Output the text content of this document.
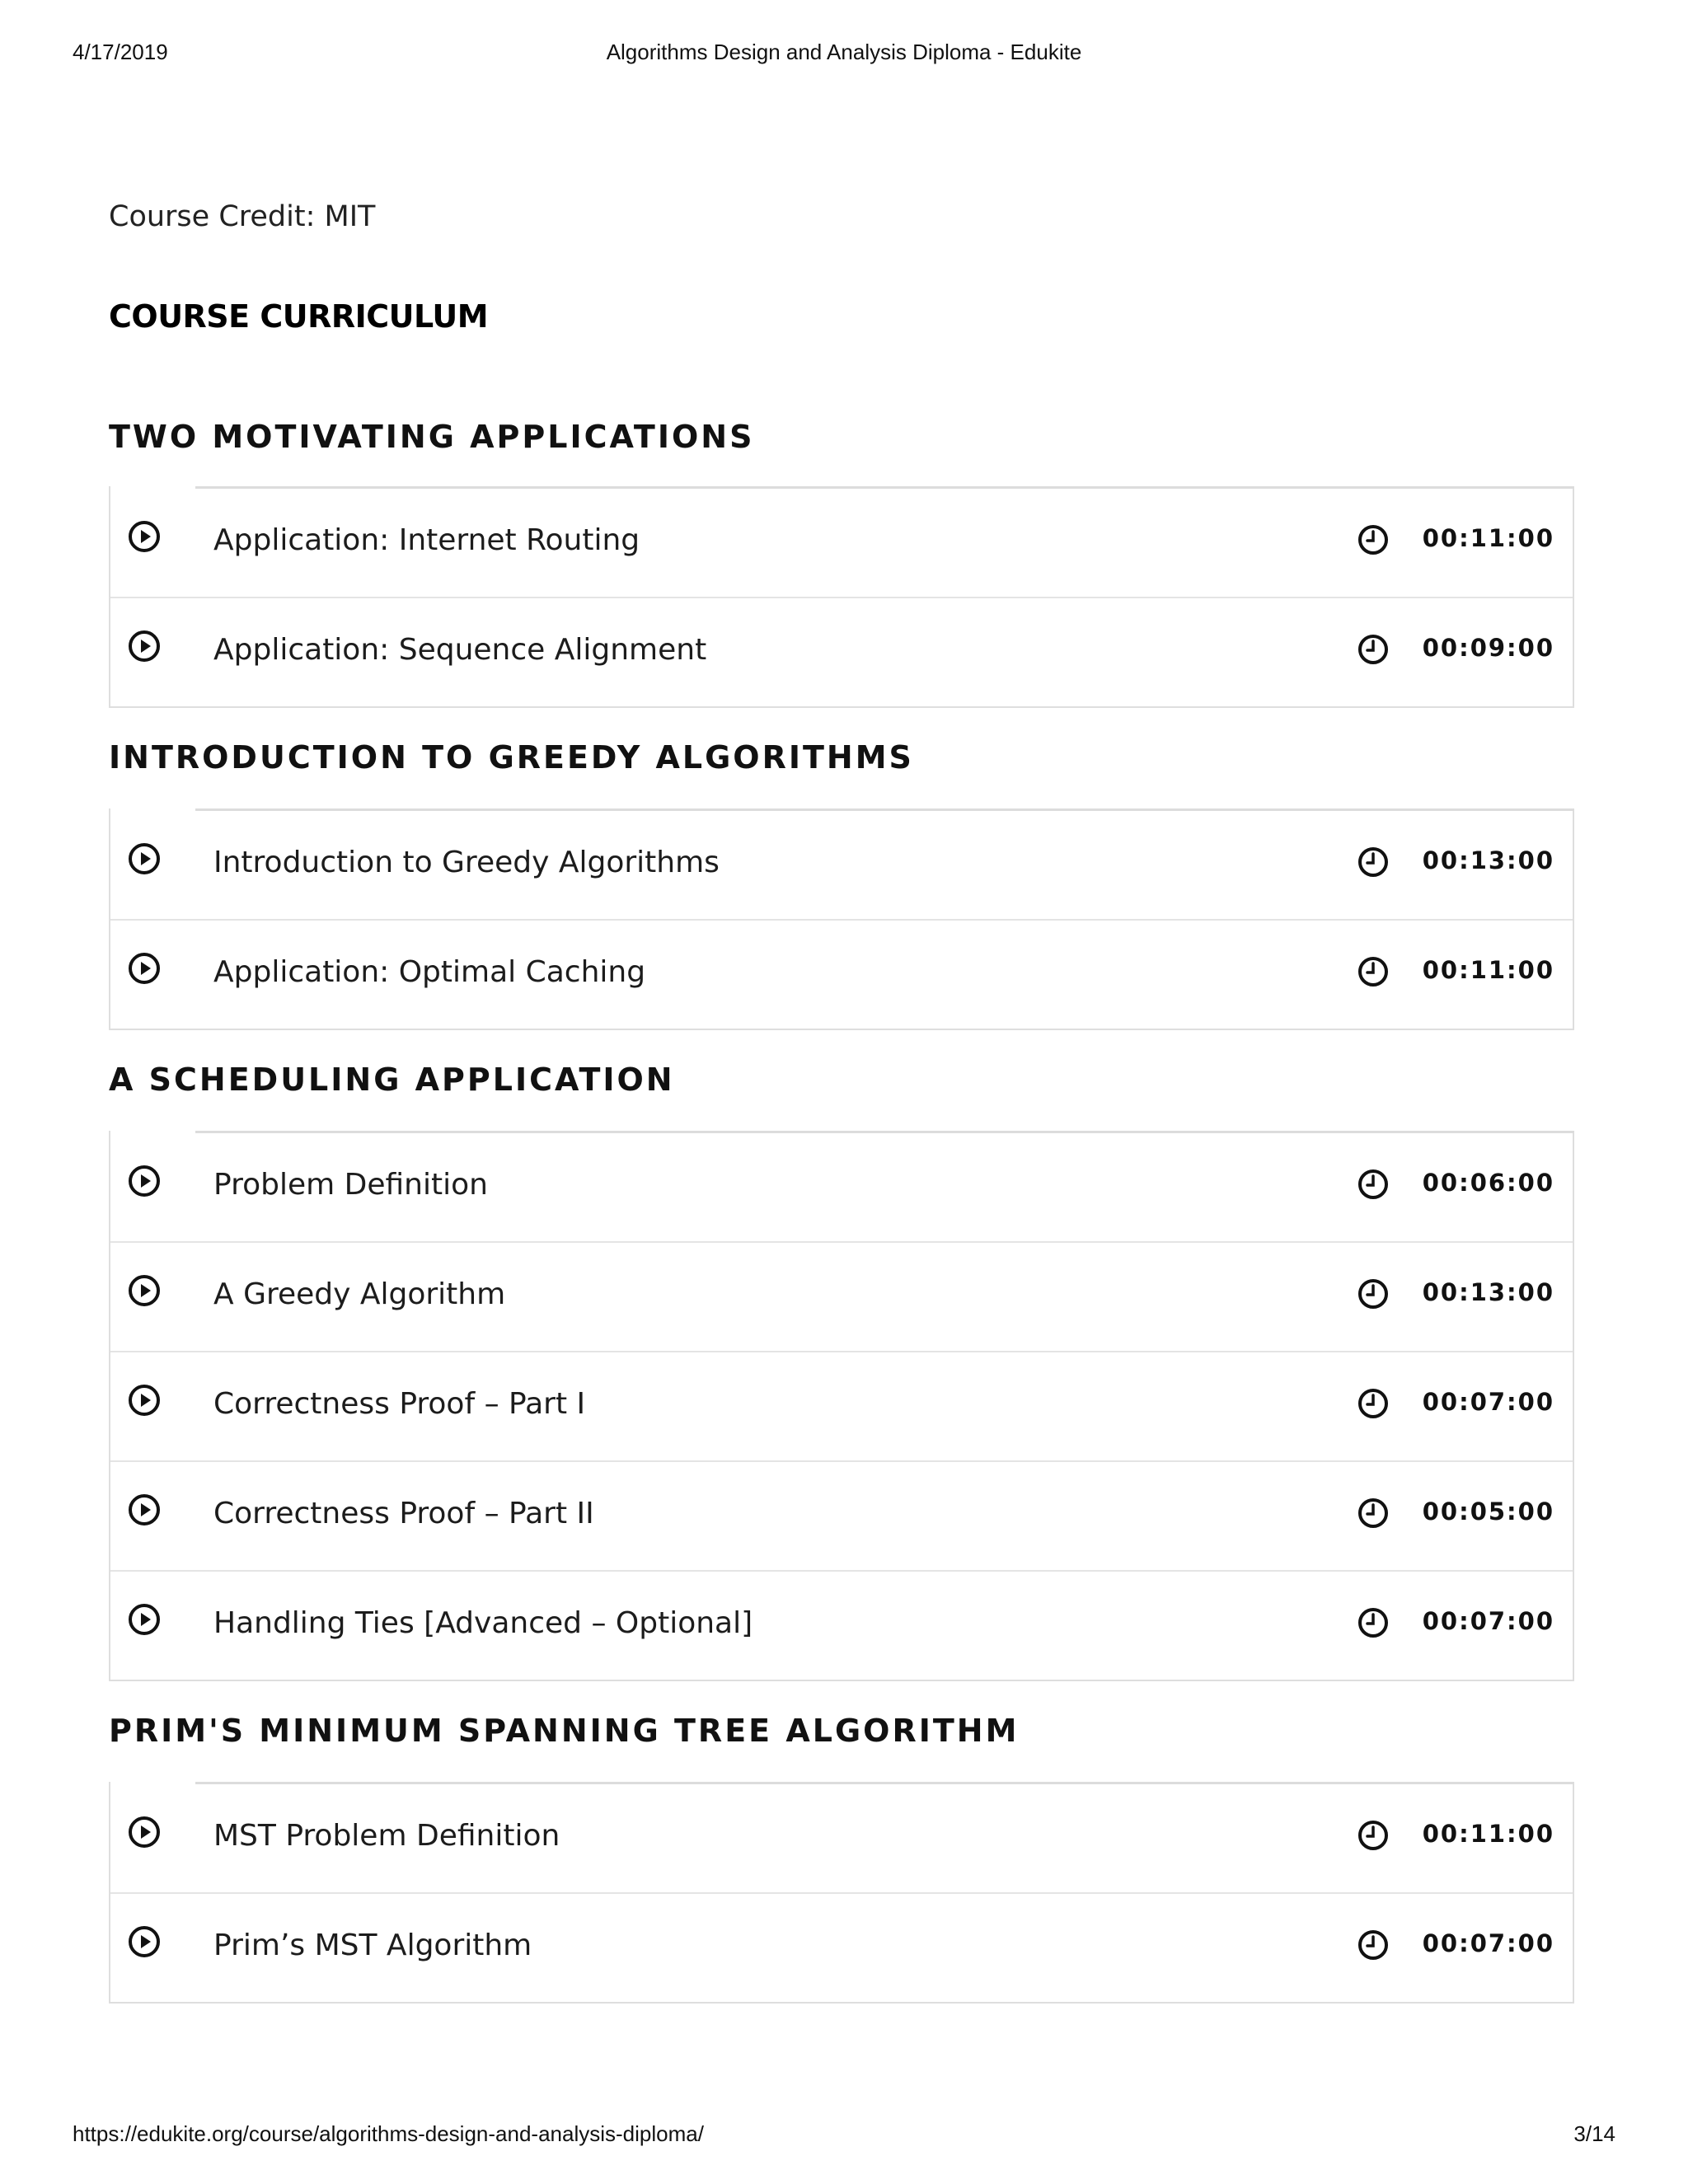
4/17/2019	Algorithms Design and Analysis Diploma - Edukite

Course Credit: MIT

COURSE CURRICULUM
TWO MOTIVATING APPLICATIONS
Application: Internet Routing	00:11:00
Application: Sequence Alignment	00:09:00
INTRODUCTION TO GREEDY ALGORITHMS
Introduction to Greedy Algorithms	00:13:00
Application: Optimal Caching	00:11:00
A SCHEDULING APPLICATION
Problem Definition	00:06:00
A Greedy Algorithm	00:13:00
Correctness Proof – Part I	00:07:00
Correctness Proof – Part II	00:05:00
Handling Ties [Advanced – Optional]	00:07:00
PRIM'S MINIMUM SPANNING TREE ALGORITHM
MST Problem Definition	00:11:00
Prim’s MST Algorithm	00:07:00
https://edukite.org/course/algorithms-design-and-analysis-diploma/	3/14
